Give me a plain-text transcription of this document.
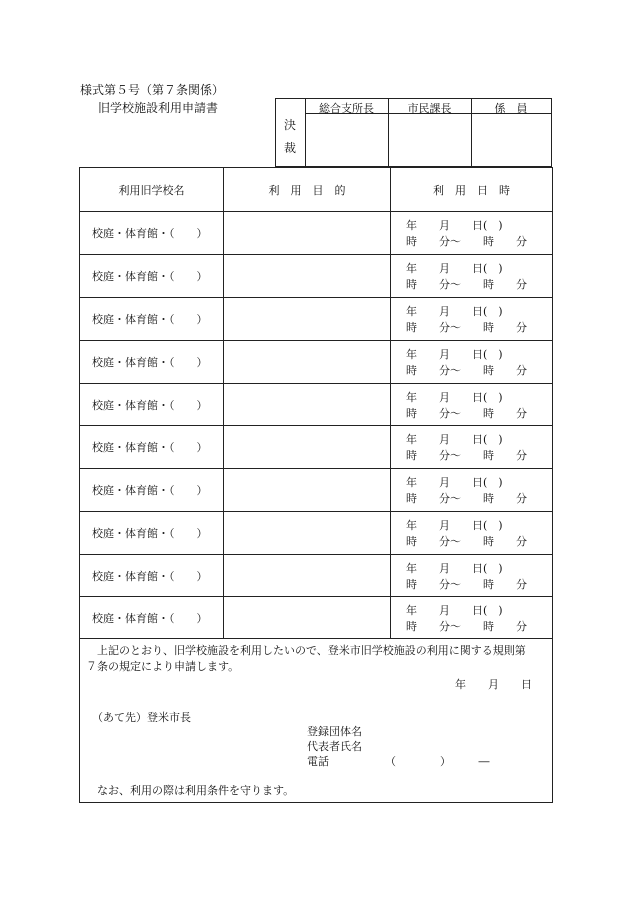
様式第５号（第７条関係）
旧学校施設利用申請書
決
裁
総合支所長	市民課長	係　員
利用旧学校名	利　用　目　的	利　用　日　時
校庭・体育館・（　　）
年　　月　　日(　)
時　　分～　　時　　分
校庭・体育館・（　　）
年　　月　　日(　)
時　　分～　　時　　分
校庭・体育館・（　　）
年　　月　　日(　)
時　　分～　　時　　分
校庭・体育館・（　　）
年　　月　　日(　)
時　　分～　　時　　分
校庭・体育館・（　　）
年　　月　　日(　)
時　　分～　　時　　分
校庭・体育館・（　　）
年　　月　　日(　)
時　　分～　　時　　分
校庭・体育館・（　　）
年　　月　　日(　)
時　　分～　　時　　分
校庭・体育館・（　　）
年　　月　　日(　)
時　　分～　　時　　分
校庭・体育館・（　　）
年　　月　　日(　)
時　　分～　　時　　分
校庭・体育館・（　　）
年　　月　　日(　)
時　　分～　　時　　分
上記のとおり、旧学校施設を利用したいので、登米市旧学校施設の利用に関する規則第
７条の規定により申請します。
年　　月　　日
（あて先）登米市長
登録団体名
代表者氏名
電話	（　　　　）　　　―
なお、利用の際は利用条件を守ります。
